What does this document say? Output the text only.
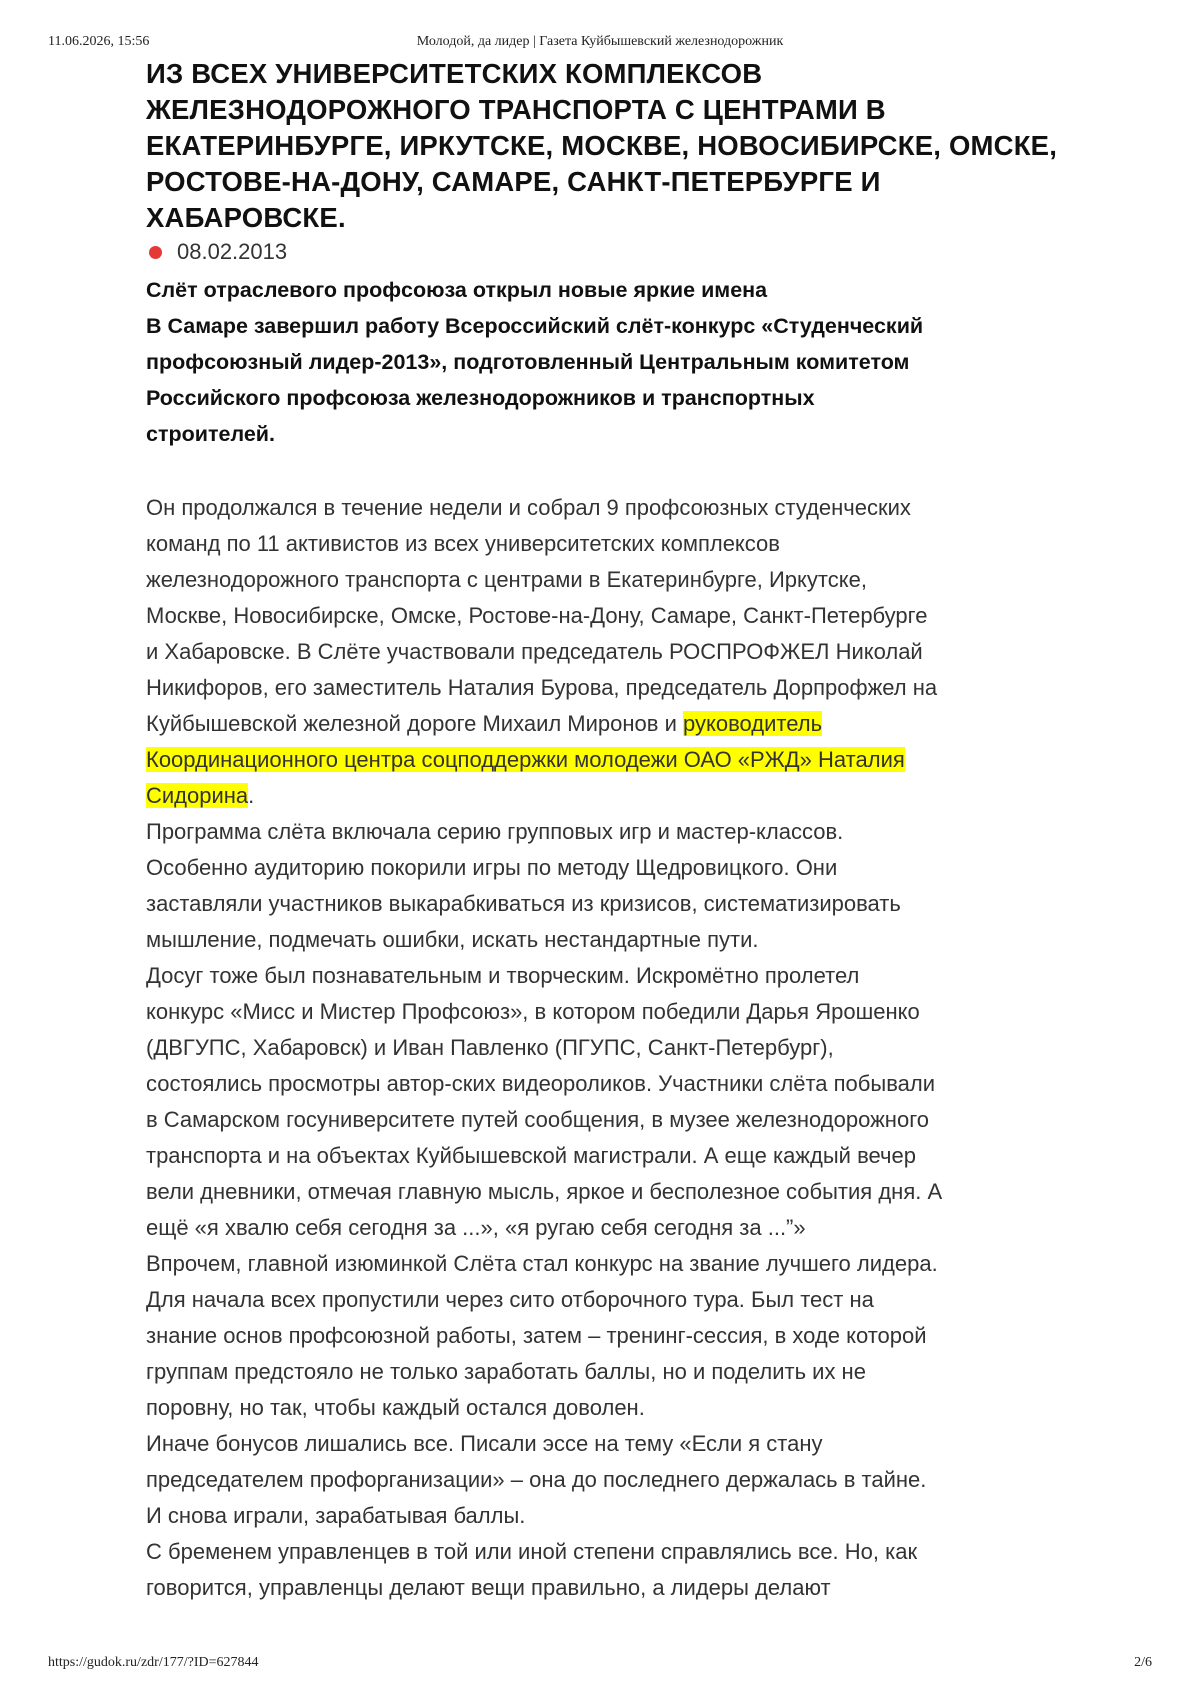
11.06.2026, 15:56	Молодой, да лидер | Газета Куйбышевский железнодорожник
ИЗ ВСЕХ УНИВЕРСИТЕТСКИХ КОМПЛЕКСОВ
ЖЕЛЕЗНОДОРОЖНОГО ТРАНСПОРТА С ЦЕНТРАМИ В
ЕКАТЕРИНБУРГЕ, ИРКУТСКЕ, МОСКВЕ, НОВОСИБИРСКЕ, ОМСКЕ,
РОСТОВЕ-НА-ДОНУ, САМАРЕ, САНКТ-ПЕТЕРБУРГЕ И
ХАБАРОВСКЕ.
08.02.2013
Слёт отраслевого профсоюза открыл новые яркие имена
В Самаре завершил работу Всероссийский слёт-конкурс «Студенческий
профсоюзный лидер-2013», подготовленный Центральным комитетом
Российского профсоюза железнодорожников и транспортных
строителей.

Он продолжался в течение недели и собрал 9 профсоюзных студенческих

команд по 11 активистов из всех университетских комплексов

железнодорожного транспорта с центрами в Екатеринбурге, Иркутске,

Москве, Новосибирске, Омске, Ростове-на-Дону, Самаре, Санкт-Петербурге

и Хабаровске. В Слёте участвовали председатель РОСПРОФЖЕЛ Николай

Никифоров, его заместитель Наталия Бурова, председатель Дорпрофжел на

Куйбышевской железной дороге Михаил Миронов и руководитель

Координационного центра соцподдержки молодежи ОАО «РЖД» Наталия

Сидорина.

Программа слёта включала серию групповых игр и мастер-классов.

Особенно аудиторию покорили игры по методу Щедровицкого. Они

заставляли участников выкарабкиваться из кризисов, систематизировать

мышление, подмечать ошибки, искать нестандартные пути.

Досуг тоже был познавательным и творческим. Искромётно пролетел

конкурс «Мисс и Мистер Профсоюз», в котором победили Дарья Ярошенко

(ДВГУПС, Хабаровск) и Иван Павленко (ПГУПС, Санкт-Петербург),

состоялись просмотры автор-ских видеороликов. Участники слёта побывали

в Самарском госуниверситете путей сообщения, в музее железнодорожного

транспорта и на объектах Куйбышевской магистрали. А еще каждый вечер

вели дневники, отмечая главную мысль, яркое и бесполезное события дня. А

ещё «я хвалю себя сегодня за ...», «я ругаю себя сегодня за ...”»

Впрочем, главной изюминкой Слёта стал конкурс на звание лучшего лидера.

Для начала всех пропустили через сито отборочного тура. Был тест на

знание основ профсоюзной работы, затем – тренинг-сессия, в ходе которой

группам предстояло не только заработать баллы, но и поделить их не

поровну, но так, чтобы каждый остался доволен.

Иначе бонусов лишались все. Писали эссе на тему «Если я стану

председателем профорганизации» – она до последнего держалась в тайне.

И снова играли, зарабатывая баллы.

С бременем управленцев в той или иной степени справлялись все. Но, как

говорится, управленцы делают вещи правильно, а лидеры делают

https://gudok.ru/zdr/177/?ID=627844	2/6
